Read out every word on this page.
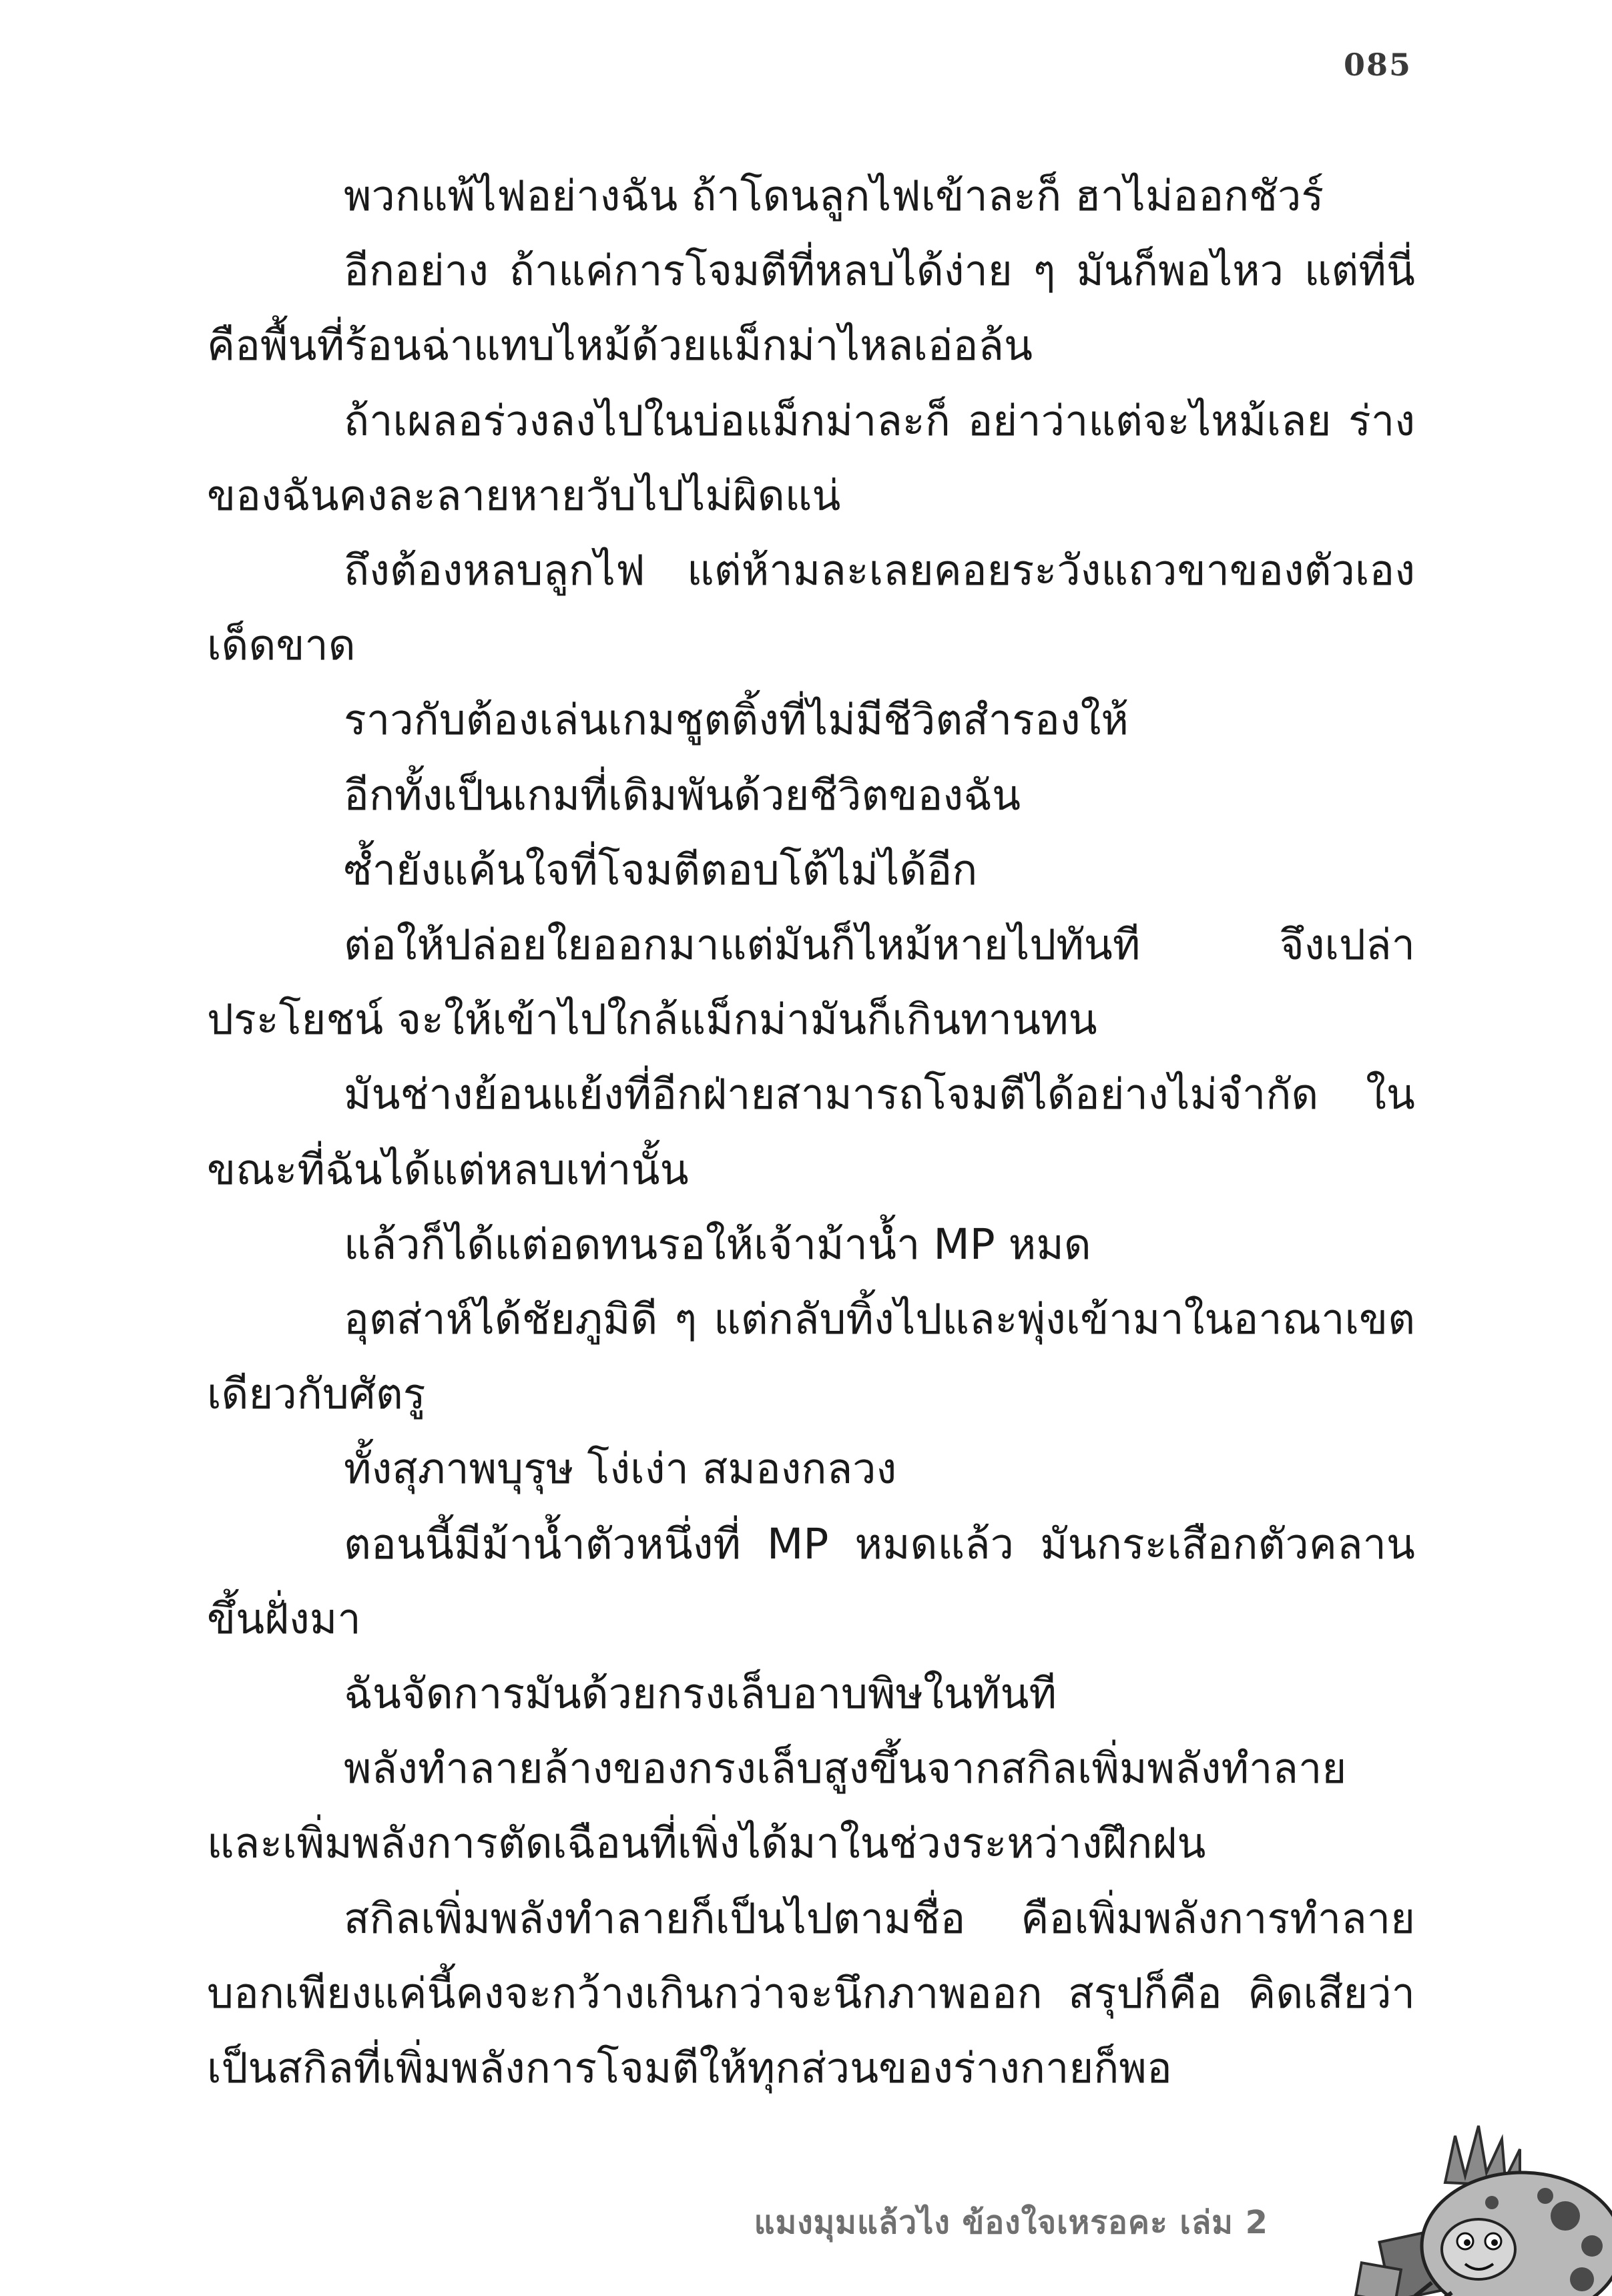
085

พวกแพ้ไฟอย่างฉัน ถ้าโดนลูกไฟเข้าละก็ ฮาไม่ออกชัวร์

อีกอย่าง ถ้าแค่การโจมตีที่หลบได้ง่าย ๆ มันก็พอไหว แต่ที่นี่คือพื้นที่ร้อนฉ่าแทบไหม้ด้วยแม็กม่าไหลเอ่อล้น

ถ้าเผลอร่วงลงไปในบ่อแม็กม่าละก็ อย่าว่าแต่จะไหม้เลย ร่างของฉันคงละลายหายวับไปไม่ผิดแน่

ถึงต้องหลบลูกไฟ แต่ห้ามละเลยคอยระวังแถวขาของตัวเองเด็ดขาด

ราวกับต้องเล่นเกมชูตติ้งที่ไม่มีชีวิตสำรองให้

อีกทั้งเป็นเกมที่เดิมพันด้วยชีวิตของฉัน

ซ้ำยังแค้นใจที่โจมตีตอบโต้ไม่ได้อีก

ต่อให้ปล่อยใยออกมาแต่มันก็ไหม้หายไปทันที จึงเปล่าประโยชน์ จะให้เข้าไปใกล้แม็กม่ามันก็เกินทานทน

มันช่างย้อนแย้งที่อีกฝ่ายสามารถโจมตีได้อย่างไม่จำกัด ในขณะที่ฉันได้แต่หลบเท่านั้น

แล้วก็ได้แต่อดทนรอให้เจ้าม้าน้ำ MP หมด

อุตส่าห์ได้ชัยภูมิดี ๆ แต่กลับทิ้งไปและพุ่งเข้ามาในอาณาเขตเดียวกับศัตรู

ทั้งสุภาพบุรุษ โง่เง่า สมองกลวง

ตอนนี้มีม้าน้ำตัวหนึ่งที่ MP หมดแล้ว มันกระเสือกตัวคลานขึ้นฝั่งมา

ฉันจัดการมันด้วยกรงเล็บอาบพิษในทันที

พลังทำลายล้างของกรงเล็บสูงขึ้นจากสกิลเพิ่มพลังทำลายและเพิ่มพลังการตัดเฉือนที่เพิ่งได้มาในช่วงระหว่างฝึกฝน

สกิลเพิ่มพลังทำลายก็เป็นไปตามชื่อ คือเพิ่มพลังการทำลาย บอกเพียงแค่นี้คงจะกว้างเกินกว่าจะนึกภาพออก สรุปก็คือ คิดเสียว่าเป็นสกิลที่เพิ่มพลังการโจมตีให้ทุกส่วนของร่างกายก็พอ

แมงมุมแล้วไง ข้องใจเหรอคะ เล่ม 2
